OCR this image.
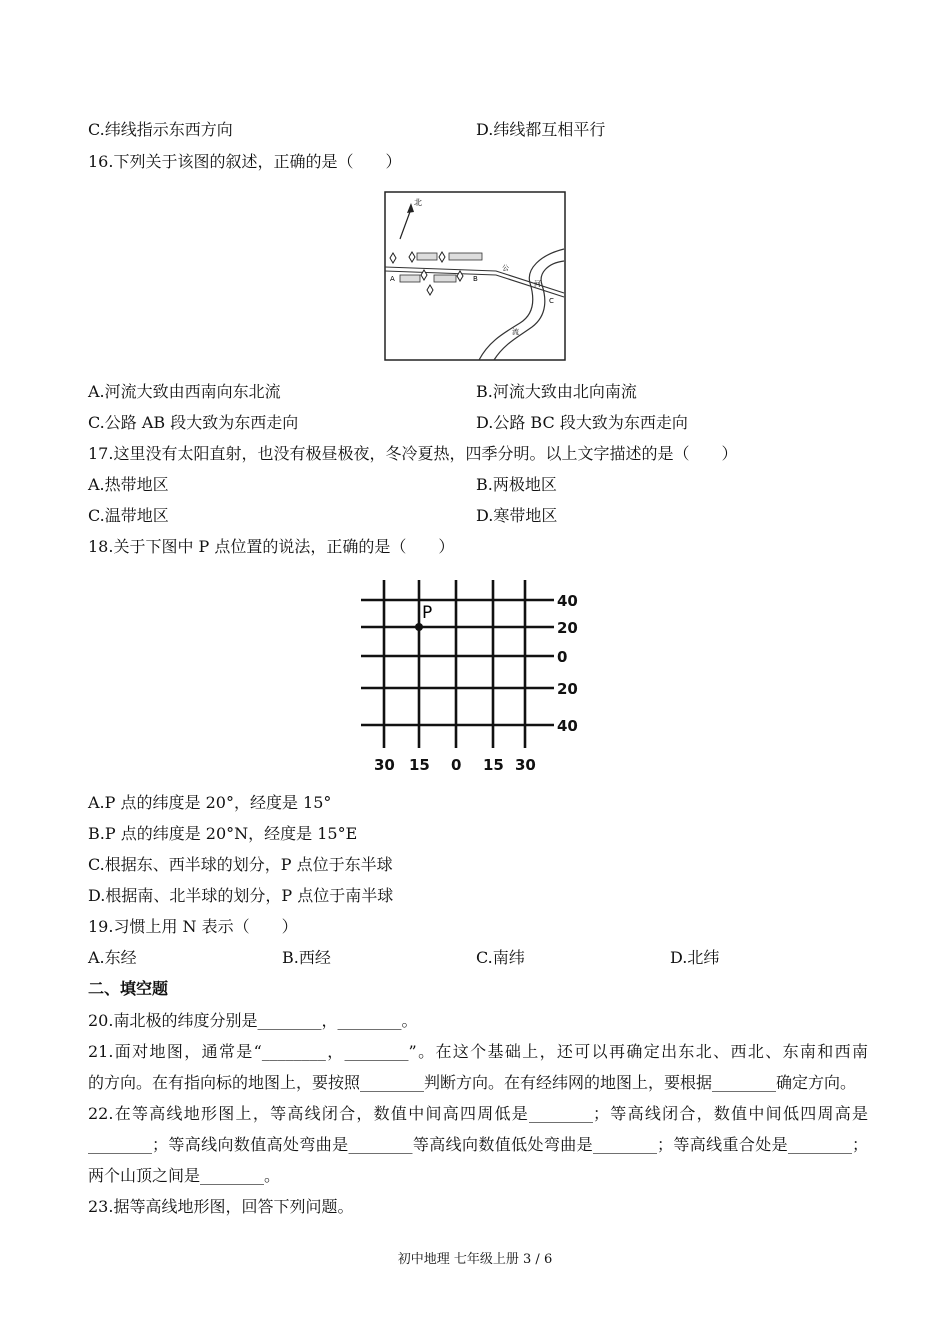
C.纬线指示东西方向	D.纬线都互相平行
16.下列关于该图的叙述，正确的是（　　）
北
A	B
C
公
河
流
A.河流大致由西南向东北流	B.河流大致由北向南流
C.公路 AB 段大致为东西走向	D.公路 BC 段大致为东西走向
17.这里没有太阳直射，也没有极昼极夜，冬冷夏热，四季分明。以上文字描述的是（　　）
A.热带地区	B.两极地区
C.温带地区	D.寒带地区
18.关于下图中 P 点位置的说法，正确的是（　　）
P
40
20
0
20
40
30 15 0 15 30
A.P 点的纬度是 20°，经度是 15°
B.P 点的纬度是 20°N，经度是 15°E
C.根据东、西半球的划分，P 点位于东半球
D.根据南、北半球的划分，P 点位于南半球
19.习惯上用 N 表示（　　）
A.东经	B.西经	C.南纬	D.北纬
二、填空题
20.南北极的纬度分别是________，________。
21.面对地图，通常是“________，________”。在这个基础上，还可以再确定出东北、西北、东南和西南
的方向。在有指向标的地图上，要按照________判断方向。在有经纬网的地图上，要根据________确定方向。
22.在等高线地形图上，等高线闭合，数值中间高四周低是________；等高线闭合，数值中间低四周高是
________；等高线向数值高处弯曲是________等高线向数值低处弯曲是________；等高线重合处是________；
两个山顶之间是________。
23.据等高线地形图，回答下列问题。
初中地理 七年级上册 3 / 6
